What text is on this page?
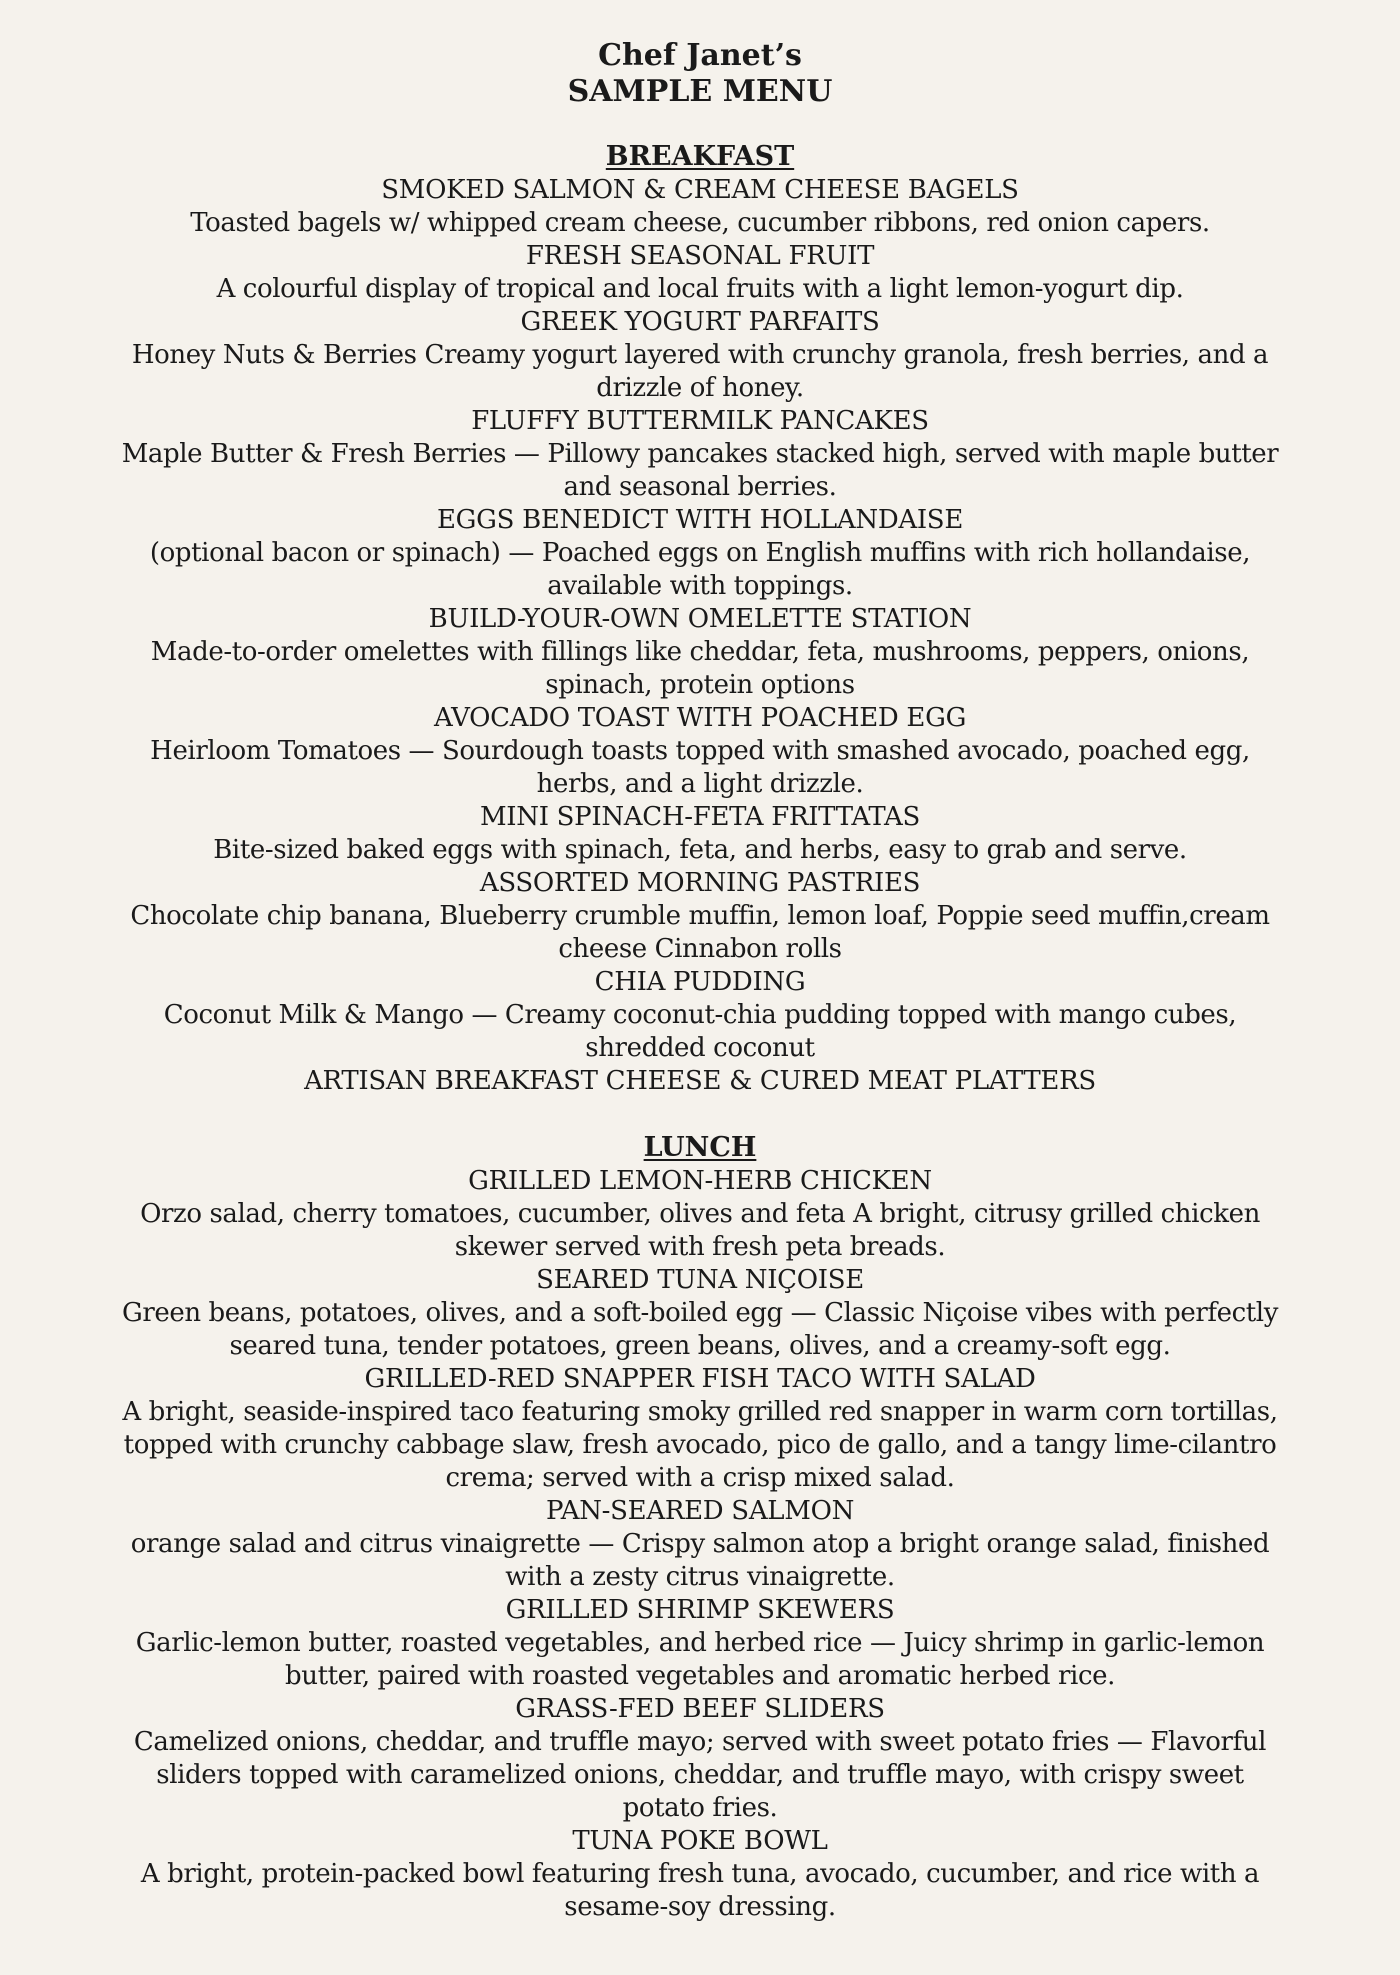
Chef Janet’s
SAMPLE MENU
BREAKFAST
SMOKED SALMON & CREAM CHEESE BAGELS
Toasted bagels w/ whipped cream cheese, cucumber ribbons, red onion capers.
FRESH SEASONAL FRUIT
A colourful display of tropical and local fruits with a light lemon-yogurt dip.
GREEK YOGURT PARFAITS
Honey Nuts & Berries Creamy yogurt layered with crunchy granola, fresh berries, and a drizzle of honey.
FLUFFY BUTTERMILK PANCAKES
Maple Butter & Fresh Berries — Pillowy pancakes stacked high, served with maple butter and seasonal berries.
EGGS BENEDICT WITH HOLLANDAISE
(optional bacon or spinach) — Poached eggs on English muffins with rich hollandaise, available with toppings.
BUILD-YOUR-OWN OMELETTE STATION
Made-to-order omelettes with fillings like cheddar, feta, mushrooms, peppers, onions, spinach, protein options
AVOCADO TOAST WITH POACHED EGG
Heirloom Tomatoes — Sourdough toasts topped with smashed avocado, poached egg, herbs, and a light drizzle.
MINI SPINACH-FETA FRITTATAS
Bite-sized baked eggs with spinach, feta, and herbs, easy to grab and serve.
ASSORTED MORNING PASTRIES
Chocolate chip banana, Blueberry crumble muffin, lemon loaf, Poppie seed muffin,cream cheese Cinnabon rolls
CHIA PUDDING
Coconut Milk & Mango — Creamy coconut-chia pudding topped with mango cubes, shredded coconut
ARTISAN BREAKFAST CHEESE & CURED MEAT PLATTERS
LUNCH
GRILLED LEMON-HERB CHICKEN
Orzo salad, cherry tomatoes, cucumber, olives and feta A bright, citrusy grilled chicken skewer served with fresh peta breads.
SEARED TUNA NIÇOISE
Green beans, potatoes, olives, and a soft-boiled egg — Classic Niçoise vibes with perfectly seared tuna, tender potatoes, green beans, olives, and a creamy-soft egg.
GRILLED-RED SNAPPER FISH TACO WITH SALAD
A bright, seaside-inspired taco featuring smoky grilled red snapper in warm corn tortillas, topped with crunchy cabbage slaw, fresh avocado, pico de gallo, and a tangy lime-cilantro crema; served with a crisp mixed salad.
PAN-SEARED SALMON
orange salad and citrus vinaigrette — Crispy salmon atop a bright orange salad, finished with a zesty citrus vinaigrette.
GRILLED SHRIMP SKEWERS
Garlic-lemon butter, roasted vegetables, and herbed rice — Juicy shrimp in garlic-lemon butter, paired with roasted vegetables and aromatic herbed rice.
GRASS-FED BEEF SLIDERS
Camelized onions, cheddar, and truffle mayo; served with sweet potato fries — Flavorful sliders topped with caramelized onions, cheddar, and truffle mayo, with crispy sweet potato fries.
TUNA POKE BOWL
A bright, protein-packed bowl featuring fresh tuna, avocado, cucumber, and rice with a sesame-soy dressing.
